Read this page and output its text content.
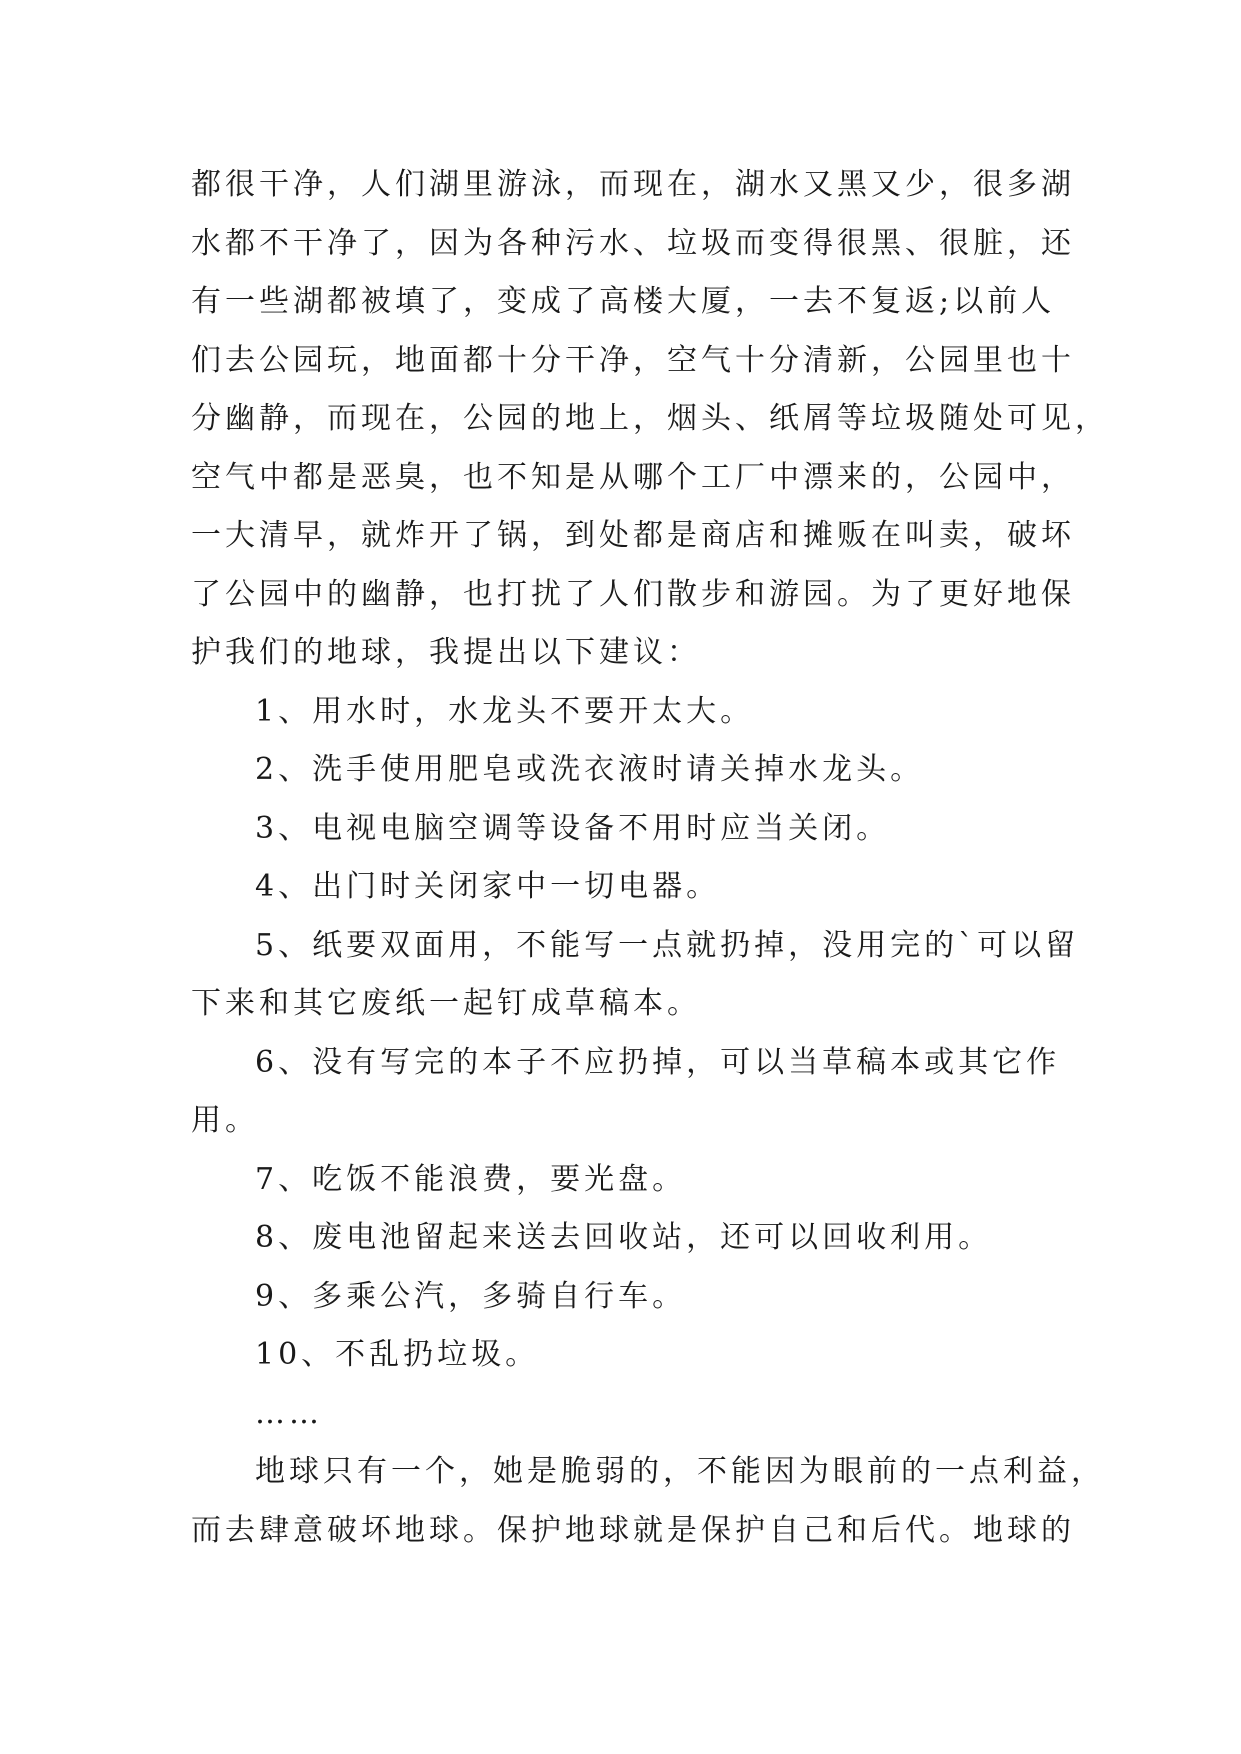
都很干净，人们湖里游泳，而现在，湖水又黑又少，很多湖
水都不干净了，因为各种污水、垃圾而变得很黑、很脏，还
有一些湖都被填了，变成了高楼大厦，一去不复返;以前人
们去公园玩，地面都十分干净，空气十分清新，公园里也十
分幽静，而现在，公园的地上，烟头、纸屑等垃圾随处可见，
空气中都是恶臭，也不知是从哪个工厂中漂来的，公园中，
一大清早，就炸开了锅，到处都是商店和摊贩在叫卖，破坏
了公园中的幽静，也打扰了人们散步和游园。为了更好地保
护我们的地球，我提出以下建议：
1、用水时，水龙头不要开太大。
2、洗手使用肥皂或洗衣液时请关掉水龙头。
3、电视电脑空调等设备不用时应当关闭。
4、出门时关闭家中一切电器。
5、纸要双面用，不能写一点就扔掉，没用完的`可以留
下来和其它废纸一起钉成草稿本。
6、没有写完的本子不应扔掉，可以当草稿本或其它作
用。
7、吃饭不能浪费，要光盘。
8、废电池留起来送去回收站，还可以回收利用。
9、多乘公汽，多骑自行车。
10、不乱扔垃圾。
……
地球只有一个，她是脆弱的，不能因为眼前的一点利益，
而去肆意破坏地球。保护地球就是保护自己和后代。地球的
